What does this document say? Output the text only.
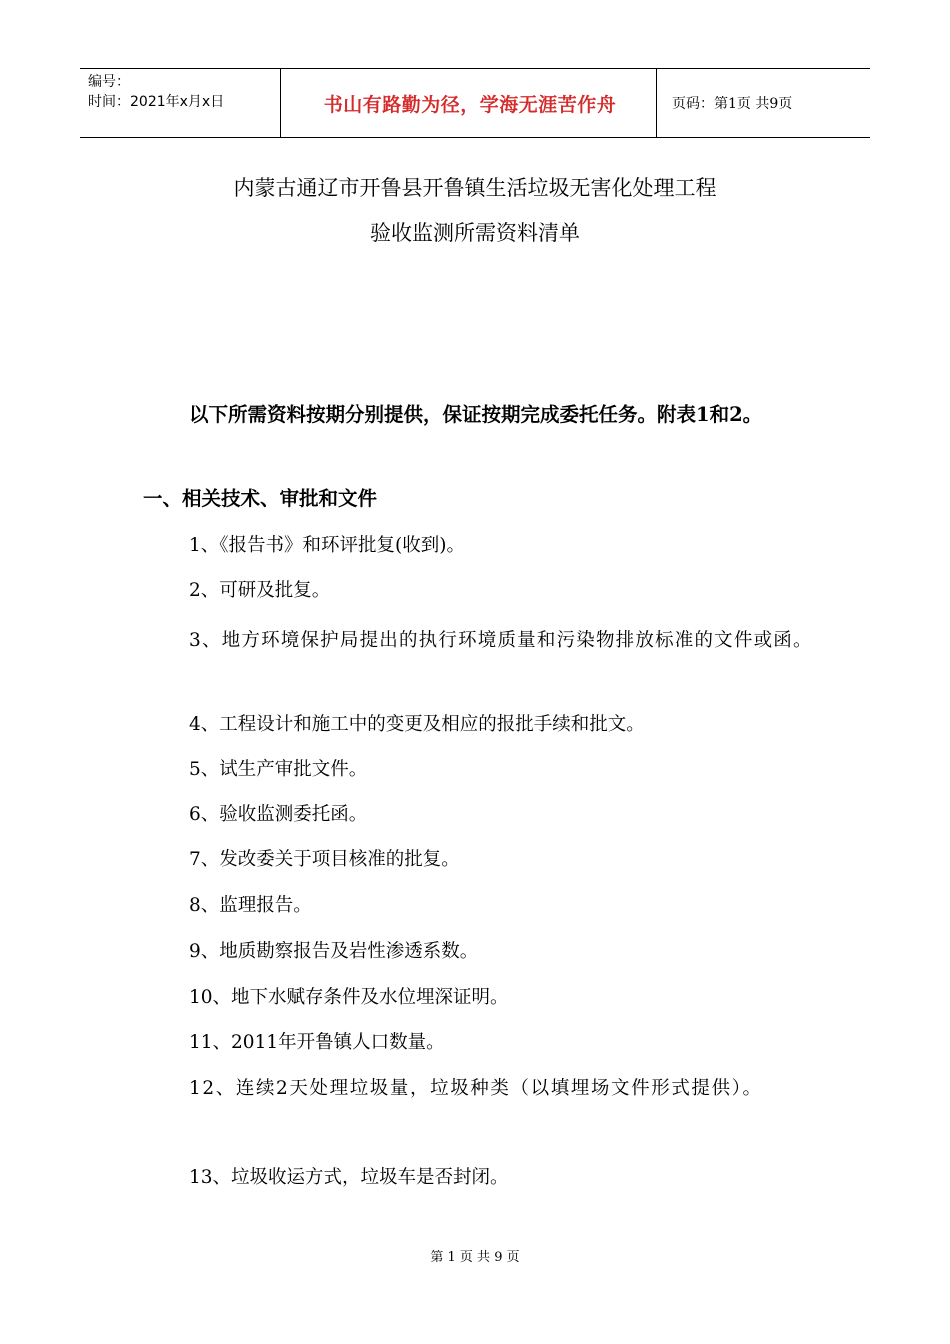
编号：
时间：2021年x月x日	书山有路勤为径，学海无涯苦作舟	页码：第1页 共9页
内蒙古通辽市开鲁县开鲁镇生活垃圾无害化处理工程
验收监测所需资料清单
以下所需资料按期分别提供，保证按期完成委托任务。附表1和2。
一、相关技术、审批和文件
1、《报告书》和环评批复(收到)。
2、可研及批复。
3、地方环境保护局提出的执行环境质量和污染物排放标准的文件或函。
4、工程设计和施工中的变更及相应的报批手续和批文。
5、试生产审批文件。
6、验收监测委托函。
7、发改委关于项目核准的批复。
8、监理报告。
9、地质勘察报告及岩性渗透系数。
10、地下水赋存条件及水位埋深证明。
11、2011年开鲁镇人口数量。
12、连续2天处理垃圾量，垃圾种类（以填埋场文件形式提供）。
13、垃圾收运方式，垃圾车是否封闭。
第 1 页 共 9 页
